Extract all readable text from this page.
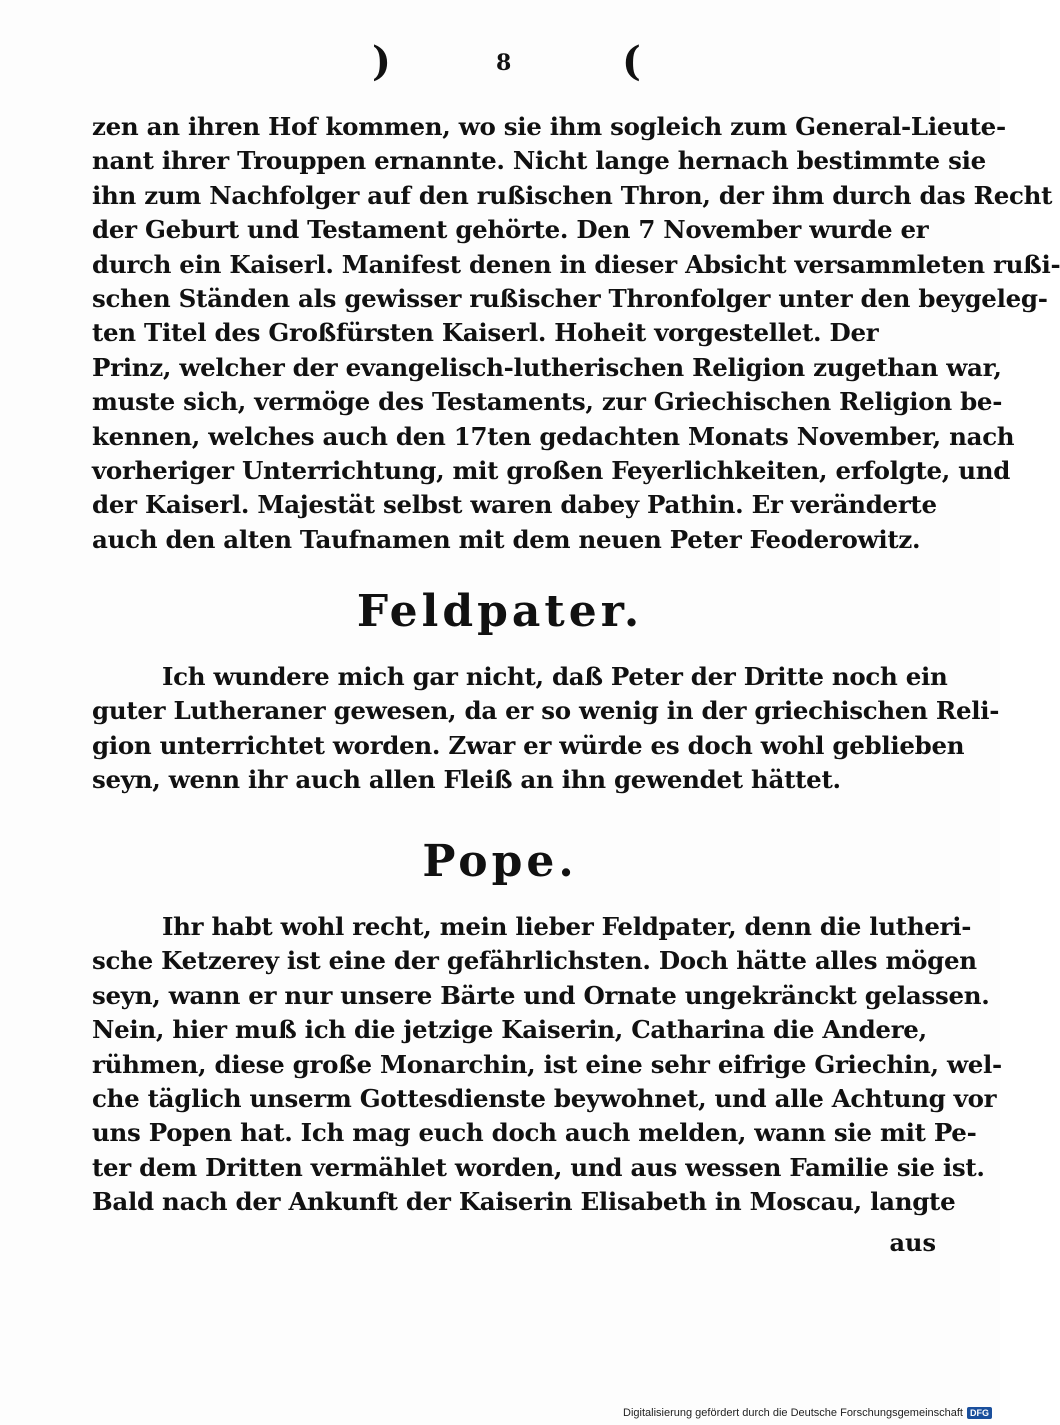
)	8	(
zen an ihren Hof kommen, wo sie ihm sogleich zum General-Lieute-
nant ihrer Trouppen ernannte. Nicht lange hernach bestimmte sie
ihn zum Nachfolger auf den rußischen Thron, der ihm durch das Recht
der Geburt und Testament gehörte. Den 7 November wurde er
durch ein Kaiserl. Manifest denen in dieser Absicht versammleten rußi-
schen Ständen als gewisser rußischer Thronfolger unter den beygeleg-
ten Titel des Großfürsten Kaiserl. Hoheit vorgestellet. Der
Prinz, welcher der evangelisch-lutherischen Religion zugethan war,
muste sich, vermöge des Testaments, zur Griechischen Religion be-
kennen, welches auch den 17ten gedachten Monats November, nach
vorheriger Unterrichtung, mit großen Feyerlichkeiten, erfolgte, und
der Kaiserl. Majestät selbst waren dabey Pathin. Er veränderte
auch den alten Taufnamen mit dem neuen Peter Feoderowitz.
Feldpater.
Ich wundere mich gar nicht, daß Peter der Dritte noch ein
guter Lutheraner gewesen, da er so wenig in der griechischen Reli-
gion unterrichtet worden. Zwar er würde es doch wohl geblieben
seyn, wenn ihr auch allen Fleiß an ihn gewendet hättet.
Pope.
Ihr habt wohl recht, mein lieber Feldpater, denn die lutheri-
sche Ketzerey ist eine der gefährlichsten. Doch hätte alles mögen
seyn, wann er nur unsere Bärte und Ornate ungekränckt gelassen.
Nein, hier muß ich die jetzige Kaiserin, Catharina die Andere,
rühmen, diese große Monarchin, ist eine sehr eifrige Griechin, wel-
che täglich unserm Gottesdienste beywohnet, und alle Achtung vor
uns Popen hat. Ich mag euch doch auch melden, wann sie mit Pe-
ter dem Dritten vermählet worden, und aus wessen Familie sie ist.
Bald nach der Ankunft der Kaiserin Elisabeth in Moscau, langte
aus
Digitalisierung gefördert durch die Deutsche Forschungsgemeinschaft DFG
